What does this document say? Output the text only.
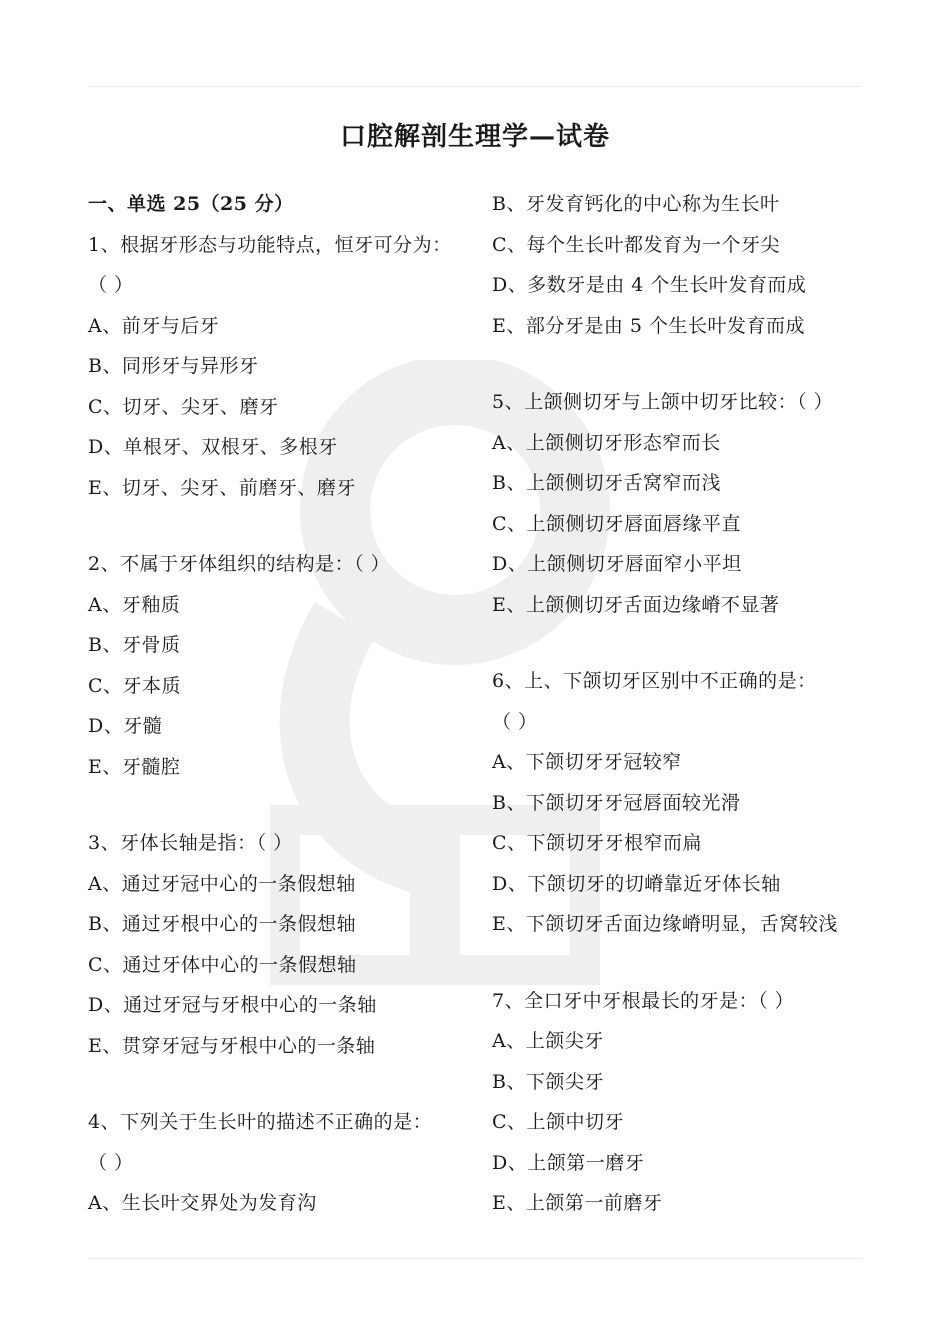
口腔解剖生理学—试卷
一、单选 25（25 分）
1、根据牙形态与功能特点，恒牙可分为：
（ ）
A、前牙与后牙
B、同形牙与异形牙
C、切牙、尖牙、磨牙
D、单根牙、双根牙、多根牙
E、切牙、尖牙、前磨牙、磨牙
2、不属于牙体组织的结构是：（ ）
A、牙釉质
B、牙骨质
C、牙本质
D、牙髓
E、牙髓腔
3、牙体长轴是指：（ ）
A、通过牙冠中心的一条假想轴
B、通过牙根中心的一条假想轴
C、通过牙体中心的一条假想轴
D、通过牙冠与牙根中心的一条轴
E、贯穿牙冠与牙根中心的一条轴
4、下列关于生长叶的描述不正确的是：
（ ）
A、生长叶交界处为发育沟
B、牙发育钙化的中心称为生长叶
C、每个生长叶都发育为一个牙尖
D、多数牙是由 4 个生长叶发育而成
E、部分牙是由 5 个生长叶发育而成
5、上颌侧切牙与上颌中切牙比较：（ ）
A、上颌侧切牙形态窄而长
B、上颌侧切牙舌窝窄而浅
C、上颌侧切牙唇面唇缘平直
D、上颌侧切牙唇面窄小平坦
E、上颌侧切牙舌面边缘嵴不显著
6、上、下颌切牙区别中不正确的是：
（ ）
A、下颌切牙牙冠较窄
B、下颌切牙牙冠唇面较光滑
C、下颌切牙牙根窄而扁
D、下颌切牙的切嵴靠近牙体长轴
E、下颌切牙舌面边缘嵴明显，舌窝较浅
7、全口牙中牙根最长的牙是：（ ）
A、上颌尖牙
B、下颌尖牙
C、上颌中切牙
D、上颌第一磨牙
E、上颌第一前磨牙
